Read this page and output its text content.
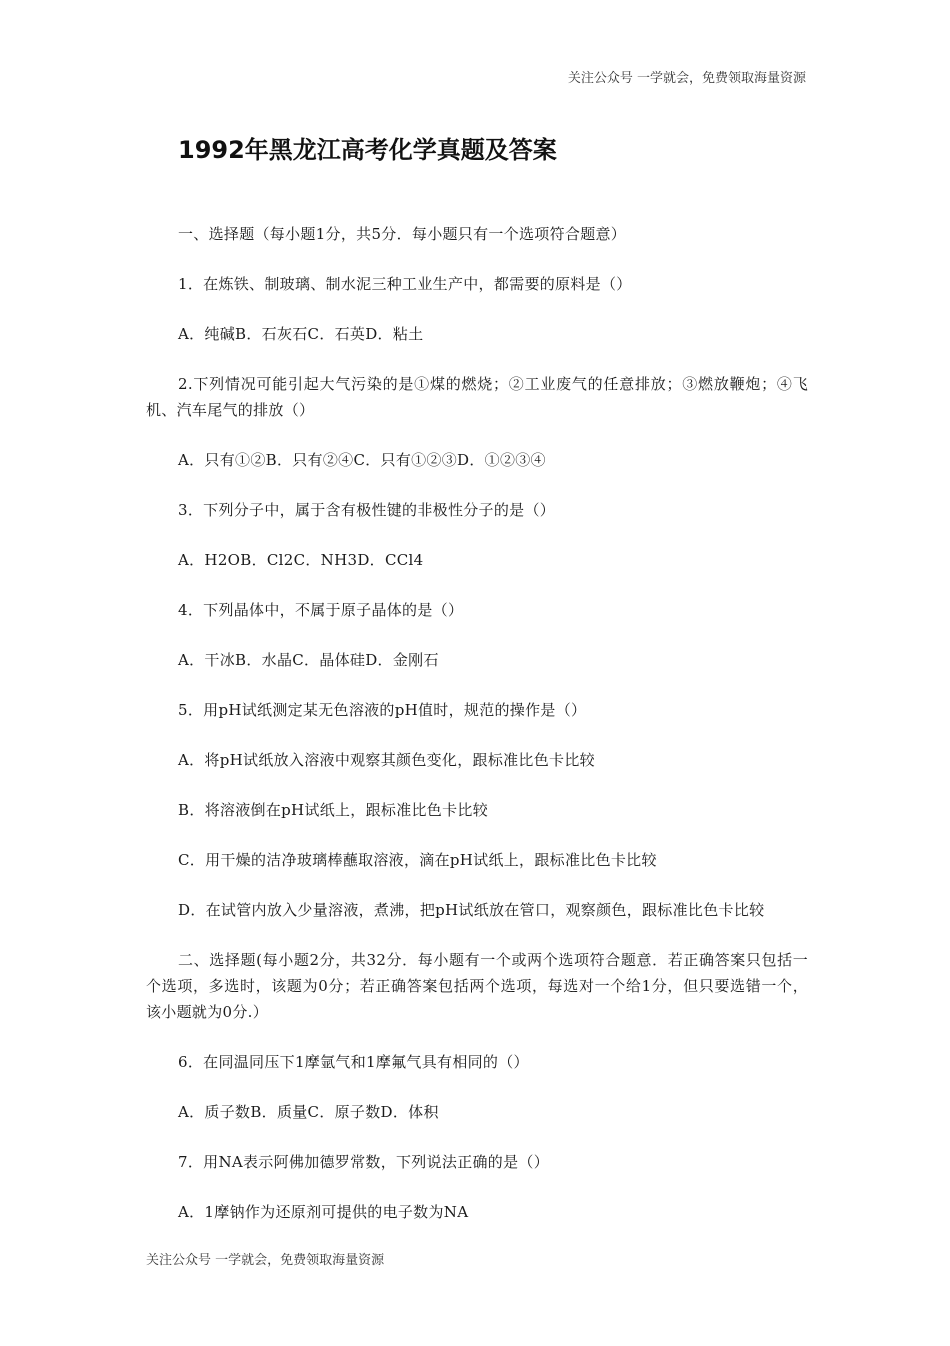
关注公众号 一学就会，免费领取海量资源
1992年黑龙江高考化学真题及答案

一、选择题（每小题1分，共5分．每小题只有一个选项符合题意）

1．在炼铁、制玻璃、制水泥三种工业生产中，都需要的原料是（）

A．纯碱B．石灰石C．石英D．粘土

2.下列情况可能引起大气污染的是①煤的燃烧；②工业废气的任意排放；③燃放鞭炮；④飞机、汽车尾气的排放（）

A．只有①②B．只有②④C．只有①②③D．①②③④

3．下列分子中，属于含有极性键的非极性分子的是（）

A．H2OB．Cl2C．NH3D．CCl4

4．下列晶体中，不属于原子晶体的是（）

A．干冰B．水晶C．晶体硅D．金刚石

5．用pH试纸测定某无色溶液的pH值时，规范的操作是（）

A．将pH试纸放入溶液中观察其颜色变化，跟标准比色卡比较

B．将溶液倒在pH试纸上，跟标准比色卡比较

C．用干燥的洁净玻璃棒蘸取溶液，滴在pH试纸上，跟标准比色卡比较

D．在试管内放入少量溶液，煮沸，把pH试纸放在管口，观察颜色，跟标准比色卡比较

二、选择题(每小题2分，共32分．每小题有一个或两个选项符合题意．若正确答案只包括一个选项，多选时，该题为0分；若正确答案包括两个选项，每选对一个给1分，但只要选错一个，该小题就为0分.）

6．在同温同压下1摩氩气和1摩氟气具有相同的（）

A．质子数B．质量C．原子数D．体积

7．用NA表示阿佛加德罗常数，下列说法正确的是（）

A．1摩钠作为还原剂可提供的电子数为NA

关注公众号 一学就会，免费领取海量资源
